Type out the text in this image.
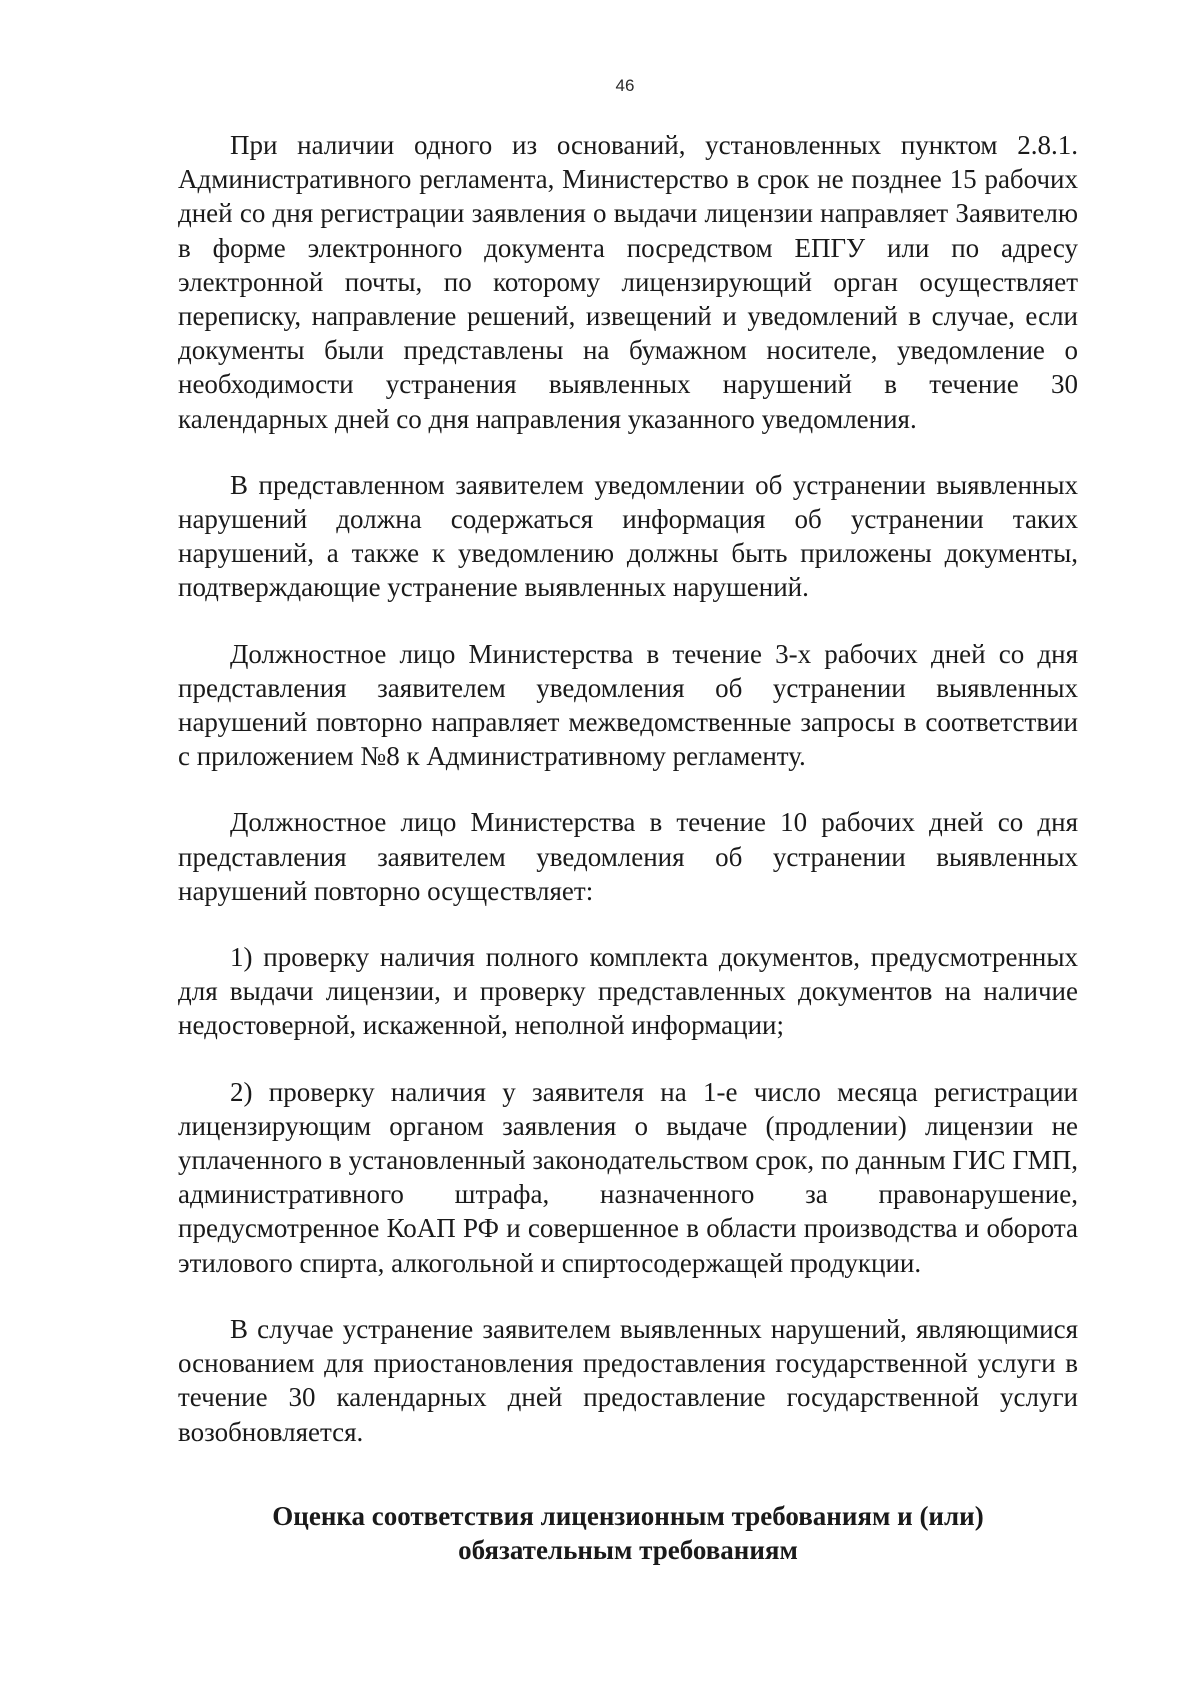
46

При наличии одного из оснований, установленных пунктом 2.8.1. Административного регламента, Министерство в срок не позднее 15 рабочих дней со дня регистрации заявления о выдачи лицензии направляет Заявителю в форме электронного документа посредством ЕПГУ или по адресу электронной почты, по которому лицензирующий орган осуществляет переписку, направление решений, извещений и уведомлений в случае, если документы были представлены на бумажном носителе, уведомление о необходимости устранения выявленных нарушений в течение 30 календарных дней со дня направления указанного уведомления.

В представленном заявителем уведомлении об устранении выявленных нарушений должна содержаться информация об устранении таких нарушений, а также к уведомлению должны быть приложены документы, подтверждающие устранение выявленных нарушений.

Должностное лицо Министерства в течение 3-х рабочих дней со дня представления заявителем уведомления об устранении выявленных нарушений повторно направляет межведомственные запросы в соответствии с приложением №8 к Административному регламенту.

Должностное лицо Министерства в течение 10 рабочих дней со дня представления заявителем уведомления об устранении выявленных нарушений повторно осуществляет:

1) проверку наличия полного комплекта документов, предусмотренных для выдачи лицензии, и проверку представленных документов на наличие недостоверной, искаженной, неполной информации;

2) проверку наличия у заявителя на 1-е число месяца регистрации лицензирующим органом заявления о выдаче (продлении) лицензии не уплаченного в установленный законодательством срок, по данным ГИС ГМП, административного штрафа, назначенного за правонарушение, предусмотренное КоАП РФ и совершенное в области производства и оборота этилового спирта, алкогольной и спиртосодержащей продукции.

В случае устранение заявителем выявленных нарушений, являющимися основанием для приостановления предоставления государственной услуги в течение 30 календарных дней предоставление государственной услуги возобновляется.

Оценка соответствия лицензионным требованиям и (или)
обязательным требованиям
